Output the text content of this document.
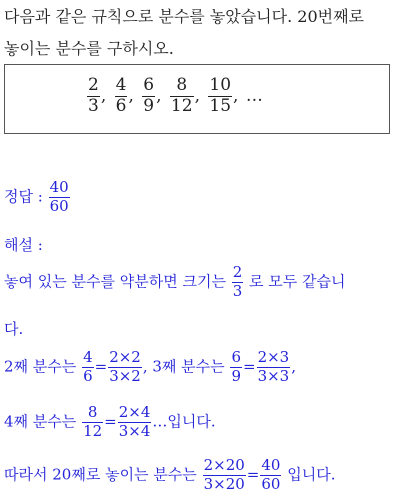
다음과 같은 규칙으로 분수를 놓았습니다. 20번째로
놓이는 분수를 구하시오.
$\frac{2}{3}$ , $\frac{4}{6}$ , $\frac{6}{9}$ , $\frac{8}{12}$ , $\frac{10}{15}$ , …
정답 : $\frac{40}{60}$
해설 :
놓여 있는 분수를 약분하면 크기는 $\frac{2}{3}$ 로 모두 같습니
다.
2째 분수는 $\frac{4}{6} = \frac{2\times 2}{3\times 2}$ , 3째 분수는 $\frac{6}{9} = \frac{2\times 3}{3\times 3}$ ,
4째 분수는 $\frac{8}{12} = \frac{2\times 4}{3\times 4}$ …입니다.
따라서 20째로 놓이는 분수는 $\frac{2\times 20}{3\times 20} = \frac{40}{60}$ 입니다.
